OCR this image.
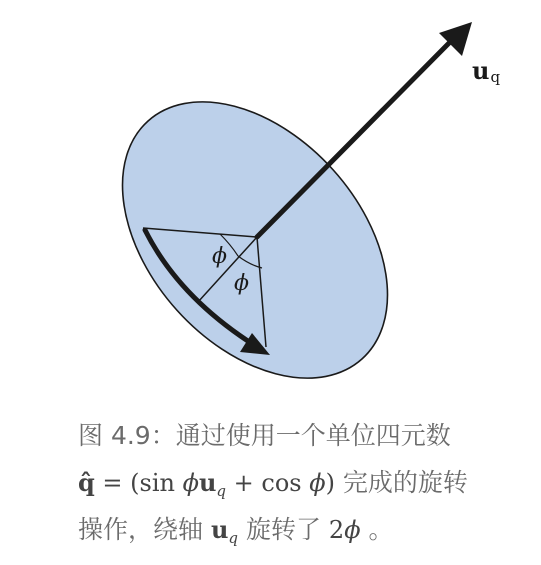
ϕ
ϕ
uq
图 4.9：通过使用一个单位四元数
q̂ = (sin $\phi u_q + \cos \phi$) 完成的旋转
操作，绕轴 $u_q$ 旋转了 2ϕ 。
